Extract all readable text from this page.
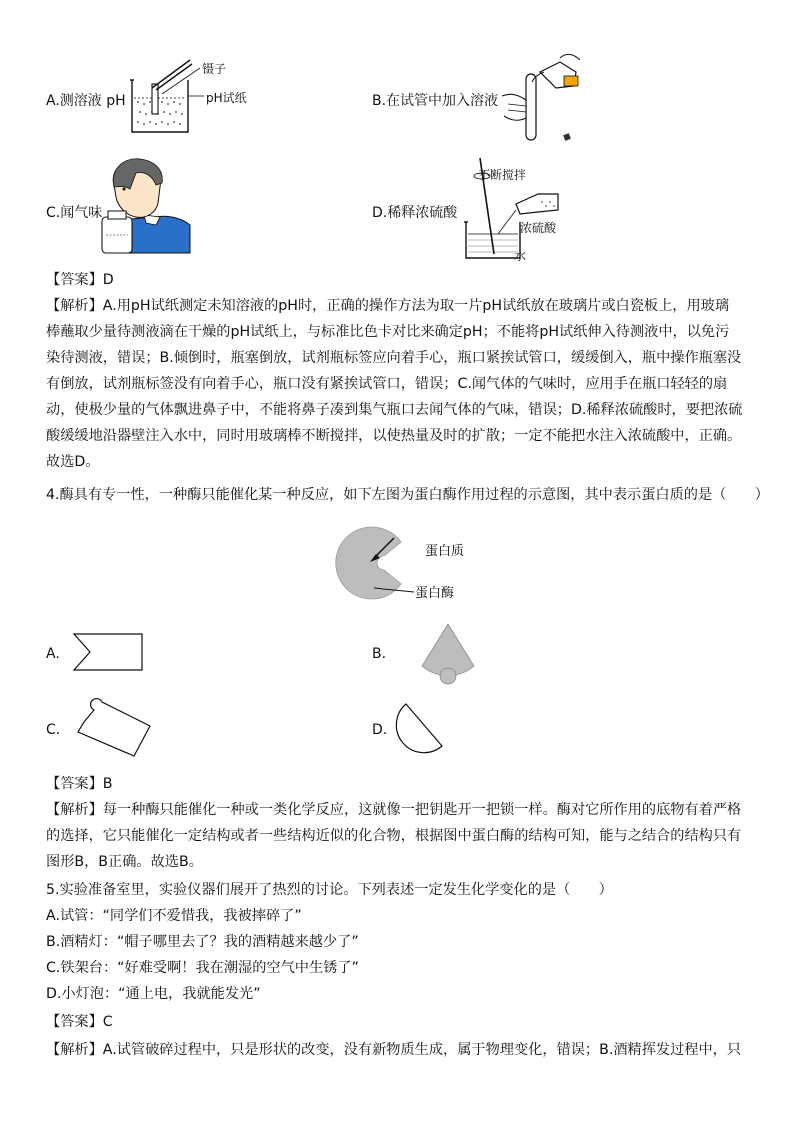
A.测溶液 pH
镊子
pH试纸	B.在试管中加入溶液
C.闻气味	D.稀释浓硫酸
不断搅拌
浓硫酸
水
【答案】D
【解析】A.用pH试纸测定未知溶液的pH时，正确的操作方法为取一片pH试纸放在玻璃片或白瓷板上，用玻璃
棒蘸取少量待测液滴在干燥的pH试纸上，与标准比色卡对比来确定pH；不能将pH试纸伸入待测液中，以免污
染待测液，错误；B.倾倒时，瓶塞倒放，试剂瓶标签应向着手心，瓶口紧挨试管口，缓缓倒入，瓶中操作瓶塞没
有倒放，试剂瓶标签没有向着手心，瓶口没有紧挨试管口，错误；C.闻气体的气味时，应用手在瓶口轻轻的扇
动，使极少量的气体飘进鼻子中，不能将鼻子凑到集气瓶口去闻气体的气味，错误；D.稀释浓硫酸时，要把浓硫
酸缓缓地沿器壁注入水中，同时用玻璃棒不断搅拌，以使热量及时的扩散；一定不能把水注入浓硫酸中，正确。
故选D。
4.酶具有专一性，一种酶只能催化某一种反应，如下左图为蛋白酶作用过程的示意图，其中表示蛋白质的是（　　）
蛋白质
蛋白酶
A.	B.
C.	D.
【答案】B
【解析】每一种酶只能催化一种或一类化学反应，这就像一把钥匙开一把锁一样。酶对它所作用的底物有着严格
的选择，它只能催化一定结构或者一些结构近似的化合物，根据图中蛋白酶的结构可知，能与之结合的结构只有
图形B，B正确。故选B。
5.实验准备室里，实验仪器们展开了热烈的讨论。下列表述一定发生化学变化的是（　　）
A.试管：“同学们不爱惜我，我被摔碎了”
B.酒精灯：“帽子哪里去了？我的酒精越来越少了”
C.铁架台：“好难受啊！我在潮湿的空气中生锈了”
D.小灯泡：“通上电，我就能发光”
【答案】C
【解析】A.试管破碎过程中，只是形状的改变，没有新物质生成，属于物理变化，错误；B.酒精挥发过程中，只
